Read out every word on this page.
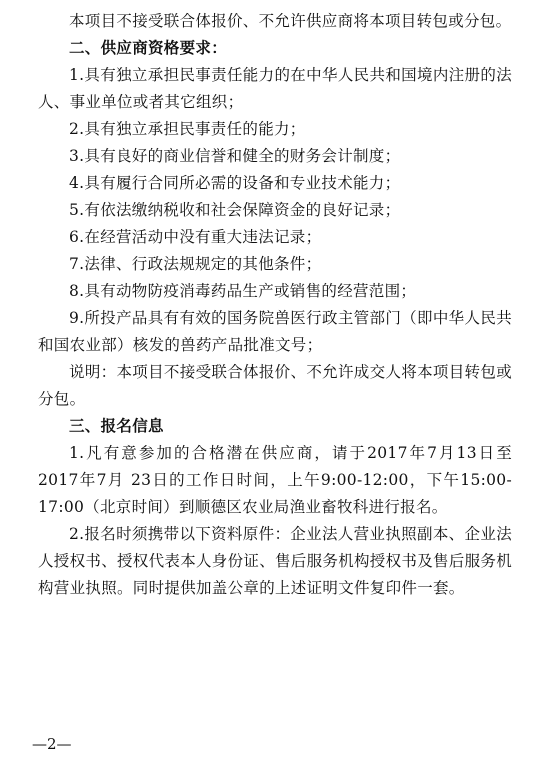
本项目不接受联合体报价、不允许供应商将本项目转包或分包。

二、供应商资格要求：

1.具有独立承担民事责任能力的在中华人民共和国境内注册的法人、事业单位或者其它组织；

2.具有独立承担民事责任的能力；

3.具有良好的商业信誉和健全的财务会计制度；

4.具有履行合同所必需的设备和专业技术能力；

5.有依法缴纳税收和社会保障资金的良好记录；

6.在经营活动中没有重大违法记录；

7.法律、行政法规规定的其他条件；

8.具有动物防疫消毒药品生产或销售的经营范围；

9.所投产品具有有效的国务院兽医行政主管部门（即中华人民共和国农业部）核发的兽药产品批准文号；

说明：本项目不接受联合体报价、不允许成交人将本项目转包或分包。

三、报名信息

1.凡有意参加的合格潜在供应商，请于2017年7月13日至2017年7月 23日的工作日时间，上午9:00-12:00，下午15:00-17:00（北京时间）到顺德区农业局渔业畜牧科进行报名。

2.报名时须携带以下资料原件：企业法人营业执照副本、企业法人授权书、授权代表本人身份证、售后服务机构授权书及售后服务机构营业执照。同时提供加盖公章的上述证明文件复印件一套。

—2—
